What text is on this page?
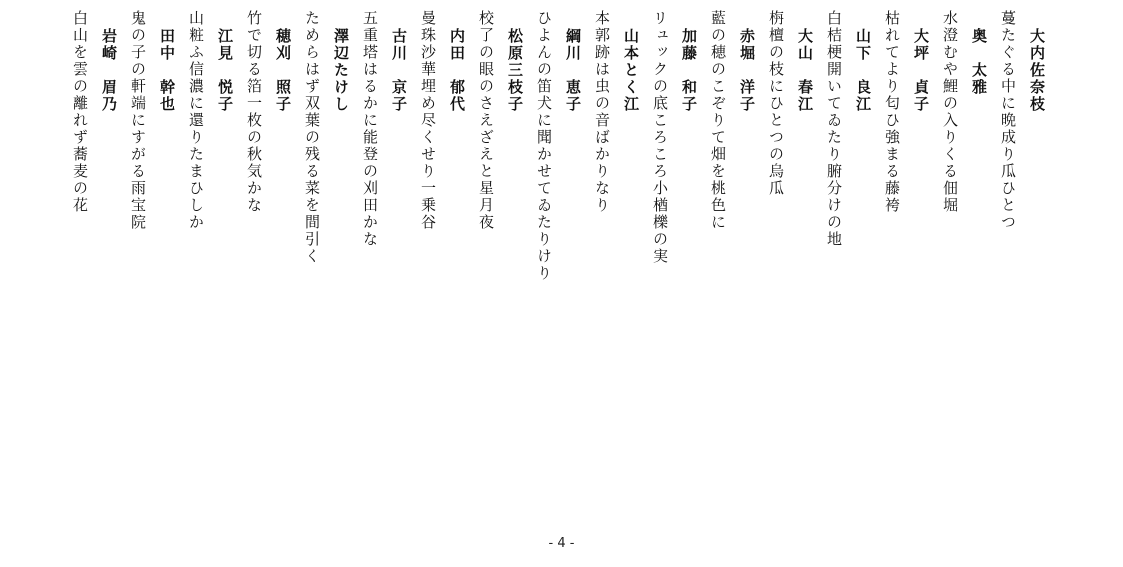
大内佐奈枝
蔓たぐる中に晩成り瓜ひとつ
奥　太雅
水澄むや鯉の入りくる佃堀
大坪　貞子
枯れてより匂ひ強まる藤袴
山下　良江
白桔梗開いてゐたり腑分けの地
大山　春江
栴檀の枝にひとつの烏瓜
赤堀　洋子
藍の穂のこぞりて畑を桃色に
加藤　和子
リュックの底ころころ小楢櫟の実
山本とく江
本郭跡は虫の音ばかりなり
綱川　恵子
ひよんの笛犬に聞かせてゐたりけり
松原三枝子
校了の眼のさえざえと星月夜
内田　郁代
曼珠沙華埋め尽くせり一乗谷
古川　京子
五重塔はるかに能登の刈田かな
澤辺たけし
ためらはず双葉の残る菜を間引く
穂刈　照子
竹で切る箔一枚の秋気かな
江見　悦子
山粧ふ信濃に還りたまひしか
田中　幹也
鬼の子の軒端にすがる雨宝院
岩崎　眉乃
白山を雲の離れず蕎麦の花
- 4 -
